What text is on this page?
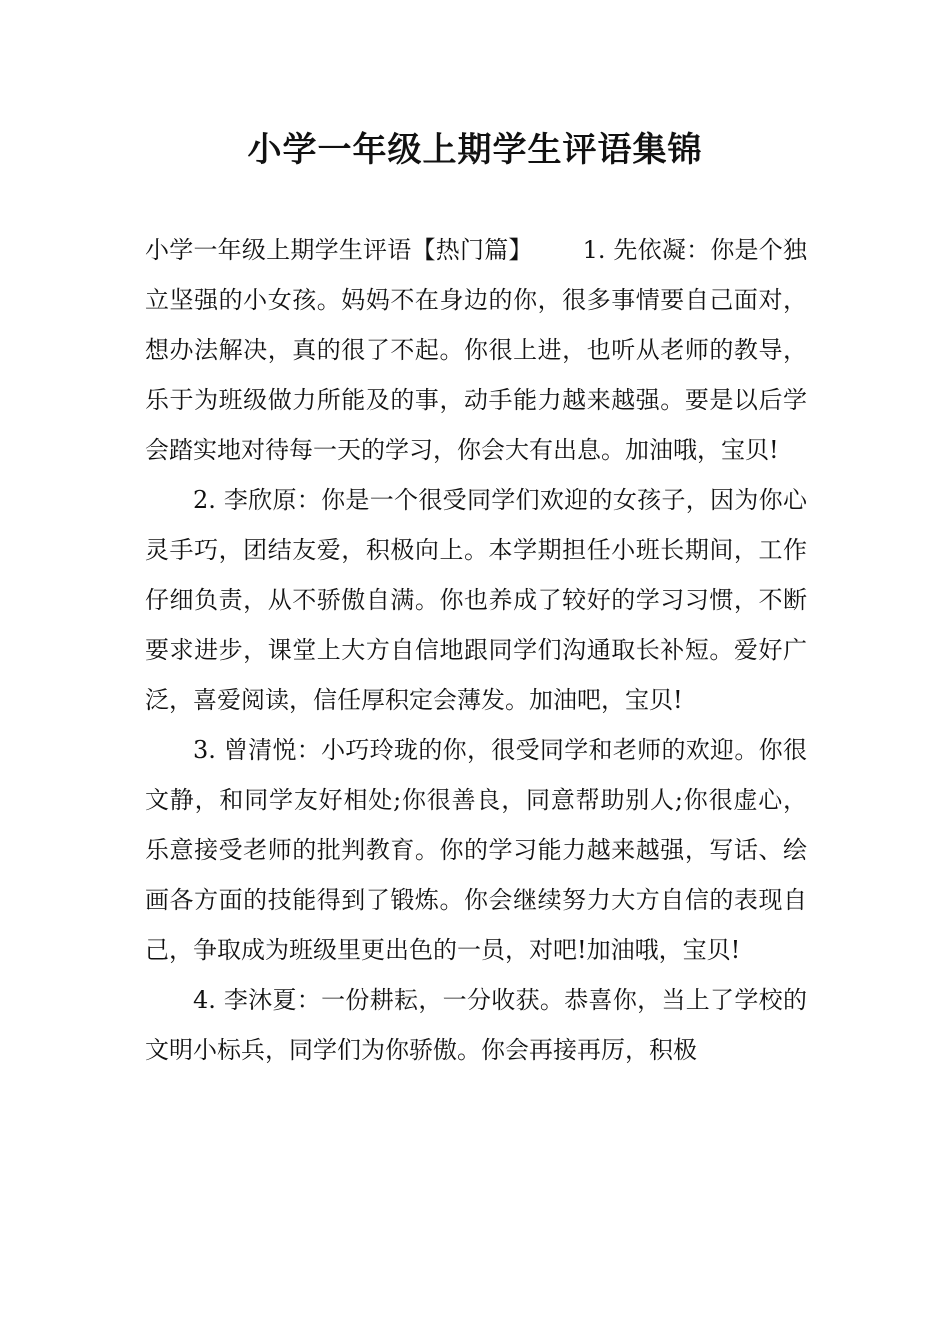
小学一年级上期学生评语集锦

小学一年级上期学生评语【热门篇】 1. 先依凝：你是个独立坚强的小女孩。妈妈不在身边的你，很多事情要自己面对，想办法解决，真的很了不起。你很上进，也听从老师的教导，乐于为班级做力所能及的事，动手能力越来越强。要是以后学会踏实地对待每一天的学习，你会大有出息。加油哦，宝贝!

2. 李欣原：你是一个很受同学们欢迎的女孩子，因为你心灵手巧，团结友爱，积极向上。本学期担任小班长期间，工作仔细负责，从不骄傲自满。你也养成了较好的学习习惯，不断要求进步，课堂上大方自信地跟同学们沟通取长补短。爱好广泛，喜爱阅读，信任厚积定会薄发。加油吧，宝贝!

3. 曾清悦：小巧玲珑的你，很受同学和老师的欢迎。你很文静，和同学友好相处;你很善良，同意帮助别人;你很虚心，乐意接受老师的批判教育。你的学习能力越来越强，写话、绘画各方面的技能得到了锻炼。你会继续努力大方自信的表现自己，争取成为班级里更出色的一员，对吧!加油哦，宝贝!

4. 李沐夏：一份耕耘，一分收获。恭喜你，当上了学校的文明小标兵，同学们为你骄傲。你会再接再厉，积极
